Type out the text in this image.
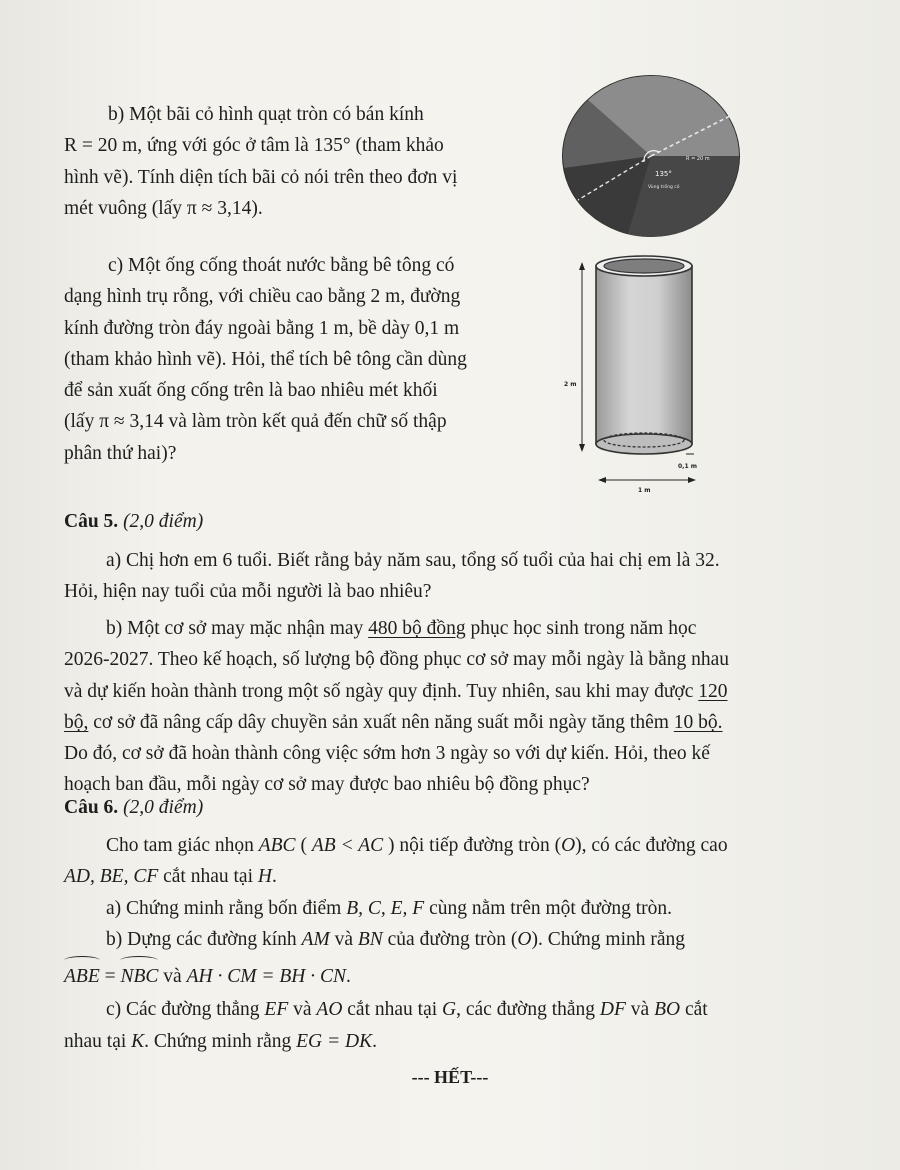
b) Một bãi cỏ hình quạt tròn có bán kính
R = 20 m, ứng với góc ở tâm là 135° (tham khảo
hình vẽ). Tính diện tích bãi cỏ nói trên theo đơn vị
mét vuông (lấy π ≈ 3,14).
135°
R = 20 m
Vùng trồng cỏ
c) Một ống cống thoát nước bằng bê tông có
dạng hình trụ rỗng, với chiều cao bằng 2 m, đường
kính đường tròn đáy ngoài bằng 1 m, bề dày 0,1 m
(tham khảo hình vẽ). Hỏi, thể tích bê tông cần dùng
để sản xuất ống cống trên là bao nhiêu mét khối
(lấy π ≈ 3,14 và làm tròn kết quả đến chữ số thập
phân thứ hai)?
2 m
0,1 m
1 m
Câu 5. (2,0 điểm)
a) Chị hơn em 6 tuổi. Biết rằng bảy năm sau, tổng số tuổi của hai chị em là 32.
Hỏi, hiện nay tuổi của mỗi người là bao nhiêu?
b) Một cơ sở may mặc nhận may 480 bộ đồng phục học sinh trong năm học
2026-2027. Theo kế hoạch, số lượng bộ đồng phục cơ sở may mỗi ngày là bằng nhau
và dự kiến hoàn thành trong một số ngày quy định. Tuy nhiên, sau khi may được 120
bộ, cơ sở đã nâng cấp dây chuyền sản xuất nên năng suất mỗi ngày tăng thêm 10 bộ.
Do đó, cơ sở đã hoàn thành công việc sớm hơn 3 ngày so với dự kiến. Hỏi, theo kế
hoạch ban đầu, mỗi ngày cơ sở may được bao nhiêu bộ đồng phục?
Câu 6. (2,0 điểm)
Cho tam giác nhọn ABC ( AB < AC ) nội tiếp đường tròn (O), có các đường cao
AD, BE, CF cắt nhau tại H.
a) Chứng minh rằng bốn điểm B, C, E, F cùng nằm trên một đường tròn.
b) Dựng các đường kính AM và BN của đường tròn (O). Chứng minh rằng
ABE = NBC và AH · CM = BH · CN.
c) Các đường thẳng EF và AO cắt nhau tại G, các đường thẳng DF và BO cắt
nhau tại K. Chứng minh rằng EG = DK.
--- HẾT---
